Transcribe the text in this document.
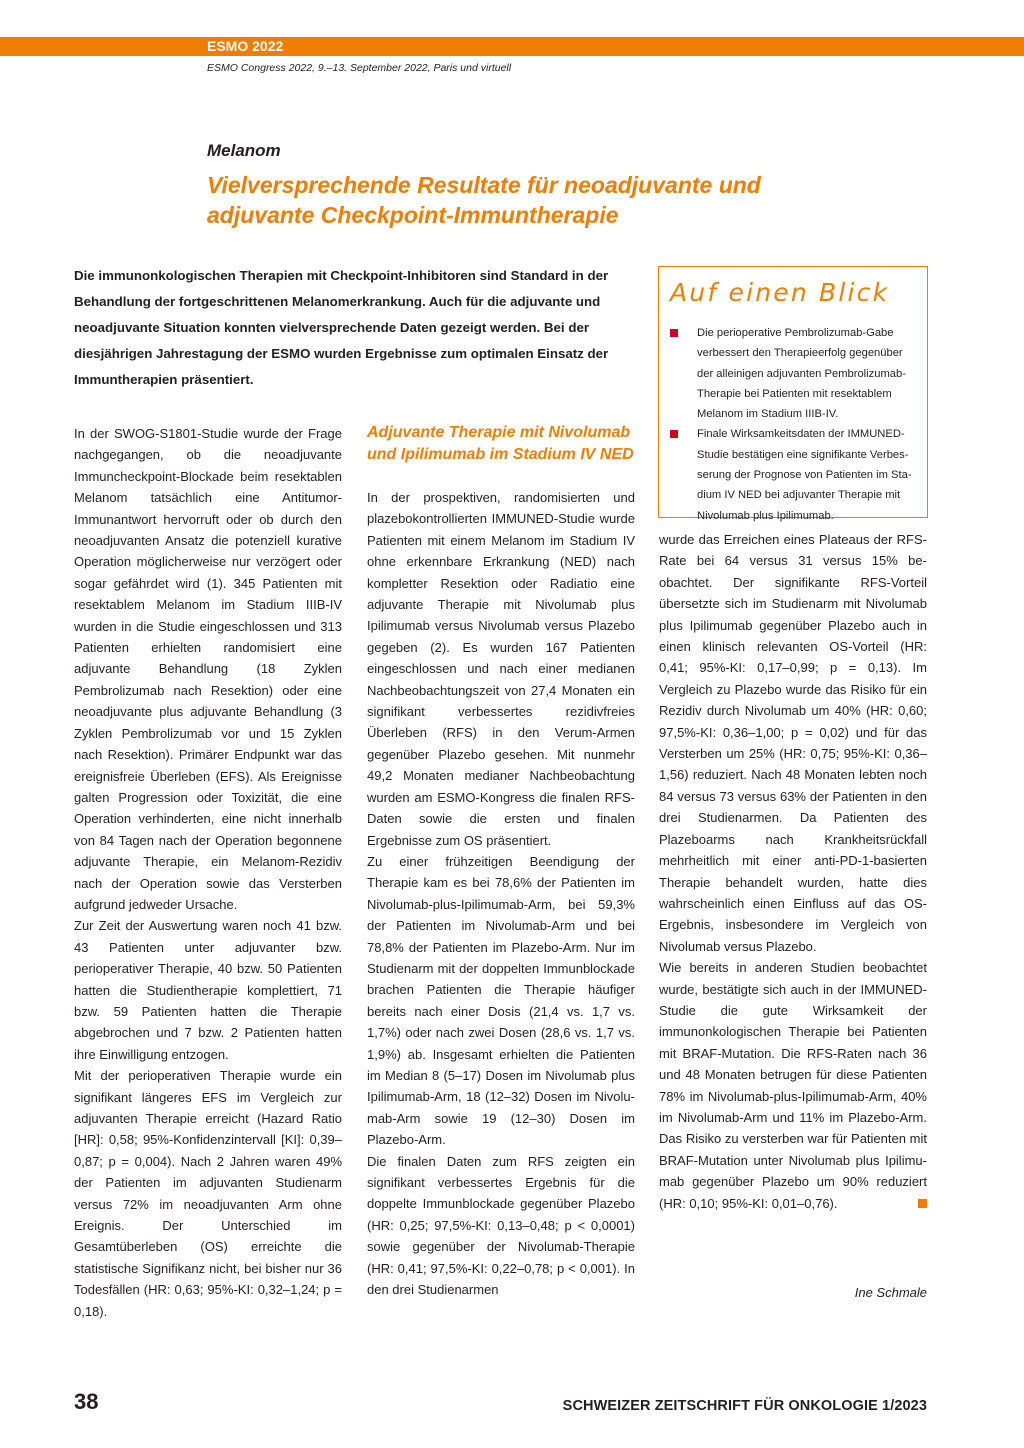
ESMO 2022
ESMO Congress 2022, 9.–13. September 2022, Paris und virtuell
Melanom
Vielversprechende Resultate für neoadjuvante und adjuvante Checkpoint-Immuntherapie
Die immunonkologischen Therapien mit Checkpoint-Inhibitoren sind Standard in der Behandlung der fortgeschrittenen Melanomerkrankung. Auch für die adjuvante und neoadjuvante Situation konnten vielversprechende Daten gezeigt werden. Bei der diesjährigen Jahrestagung der ESMO wurden Ergebnisse zum optimalen Einsatz der Immuntherapien präsentiert.
Auf einen Blick
Die perioperative Pembrolizumab-Gabe verbessert den Therapieerfolg gegenüber der alleinigen adjuvanten Pembrolizumab-Therapie bei Patienten mit resektablem Melanom im Stadium IIIB-IV.
Finale Wirksamkeitsdaten der IMMUNED-Studie bestätigen eine signifikante Verbesserung der Prognose von Patienten im Stadium IV NED bei adjuvanter Therapie mit Nivolumab plus Ipilimumab.

In der SWOG-S1801-Studie wurde der Frage nachgegangen, ob die neoadjuvante Immuncheckpoint-Blockade beim resektablen Melanom tatsächlich eine Antitumor-Immunantwort hervorruft oder ob durch den neoadjuvanten Ansatz die potenziell kurative Operation möglicherweise nur verzögert oder sogar gefährdet wird (1). 345 Patienten mit resektablem Melanom im Stadium IIIB-IV wurden in die Studie eingeschlossen und 313 Patienten erhielten randomisiert eine adjuvante Behandlung (18 Zyklen Pembrolizumab nach Resektion) oder eine neoadjuvante plus adjuvante Behandlung (3 Zyklen Pembrolizumab vor und 15 Zyklen nach Resektion). Primärer Endpunkt war das ereignisfreie Überleben (EFS). Als Ereignisse galten Progression oder Toxizität, die eine Operation verhinderten, eine nicht innerhalb von 84 Tagen nach der Operation begonnene adjuvante Therapie, ein Melanom-Rezidiv nach der Operation sowie das Versterben aufgrund jedweder Ursache.

Zur Zeit der Auswertung waren noch 41 bzw. 43 Patienten unter adjuvanter bzw. perioperativer Therapie, 40 bzw. 50 Patienten hatten die Studientherapie komplettiert, 71 bzw. 59 Patienten hatten die Therapie abgebrochen und 7 bzw. 2 Patienten hatten ihre Einwilligung entzogen.

Mit der perioperativen Therapie wurde ein signifikant längeres EFS im Vergleich zur adjuvanten Therapie erreicht (Hazard Ratio [HR]: 0,58; 95%-Konfidenzintervall [KI]: 0,39–0,87; p = 0,004). Nach 2 Jahren waren 49% der Patienten im adjuvanten Studienarm versus 72% im neoadjuvanten Arm ohne Ereignis. Der Unterschied im Gesamtüberleben (OS) erreichte die statistische Signifikanz nicht, bei bisher nur 36 Todesfällen (HR: 0,63; 95%-KI: 0,32–1,24; p = 0,18).

Adjuvante Therapie mit Nivolumab und Ipilimumab im Stadium IV NED

In der prospektiven, randomisierten und plazebokontrollierten IMMUNED-Studie wurde Patienten mit einem Melanom im Stadium IV ohne erkennbare Erkrankung (NED) nach kompletter Resektion oder Radiatio eine adjuvante Therapie mit Nivolumab plus Ipilimumab versus Nivolumab versus Plazebo gegeben (2). Es wurden 167 Patienten eingeschlossen und nach einer medianen Nachbeobachtungszeit von 27,4 Monaten ein signifikant verbessertes rezidivfreies Überleben (RFS) in den Verum-Armen gegenüber Plazebo gesehen. Mit nunmehr 49,2 Monaten medianer Nachbeobachtung wurden am ESMO-Kongress die finalen RFS-Daten sowie die ersten und finalen Ergebnisse zum OS präsentiert.

Zu einer frühzeitigen Beendigung der Therapie kam es bei 78,6% der Patienten im Nivolumab-plus-Ipilimumab-Arm, bei 59,3% der Patienten im Nivolumab-Arm und bei 78,8% der Patienten im Plazebo-Arm. Nur im Studienarm mit der doppelten Immunblockade brachen Patienten die Therapie häufiger bereits nach einer Dosis (21,4 vs. 1,7 vs. 1,7%) oder nach zwei Dosen (28,6 vs. 1,7 vs. 1,9%) ab. Insgesamt erhielten die Patienten im Median 8 (5–17) Dosen im Nivolumab plus Ipilimumab-Arm, 18 (12–32) Dosen im Nivolumab-Arm sowie 19 (12–30) Dosen im Plazebo-Arm.

Die finalen Daten zum RFS zeigten ein signifikant verbessertes Ergebnis für die doppelte Immunblockade gegenüber Plazebo (HR: 0,25; 97,5%-KI: 0,13–0,48; p < 0,0001) sowie gegenüber der Nivolumab-Therapie (HR: 0,41; 97,5%-KI: 0,22–0,78; p < 0,001). In den drei Studienarmen

wurde das Erreichen eines Plateaus der RFS-Rate bei 64 versus 31 versus 15% beobachtet. Der signifikante RFS-Vorteil übersetzte sich im Studienarm mit Nivolumab plus Ipilimumab gegenüber Plazebo auch in einen klinisch relevanten OS-Vorteil (HR: 0,41; 95%-KI: 0,17–0,99; p = 0,13). Im Vergleich zu Plazebo wurde das Risiko für ein Rezidiv durch Nivolumab um 40% (HR: 0,60; 97,5%-KI: 0,36–1,00; p = 0,02) und für das Versterben um 25% (HR: 0,75; 95%-KI: 0,36–1,56) reduziert. Nach 48 Monaten lebten noch 84 versus 73 versus 63% der Patienten in den drei Studienarmen. Da Patienten des Plazeboarms nach Krankheitsrückfall mehrheitlich mit einer anti-PD-1-basierten Therapie behandelt wurden, hatte dies wahrscheinlich einen Einfluss auf das OS-Ergebnis, insbesondere im Vergleich von Nivolumab versus Plazebo.

Wie bereits in anderen Studien beobachtet wurde, bestätigte sich auch in der IMMUNED-Studie die gute Wirksamkeit der immunonkologischen Therapie bei Patienten mit BRAF-Mutation. Die RFS-Raten nach 36 und 48 Monaten betrugen für diese Patienten 78% im Nivolumab-plus-Ipilimumab-Arm, 40% im Nivolumab-Arm und 11% im Plazebo-Arm. Das Risiko zu versterben war für Patienten mit BRAF-Mutation unter Nivolumab plus Ipilimumab gegenüber Plazebo um 90% reduziert (HR: 0,10; 95%-KI: 0,01–0,76).

Ine Schmale
38	SCHWEIZER ZEITSCHRIFT FÜR ONKOLOGIE 1/2023
